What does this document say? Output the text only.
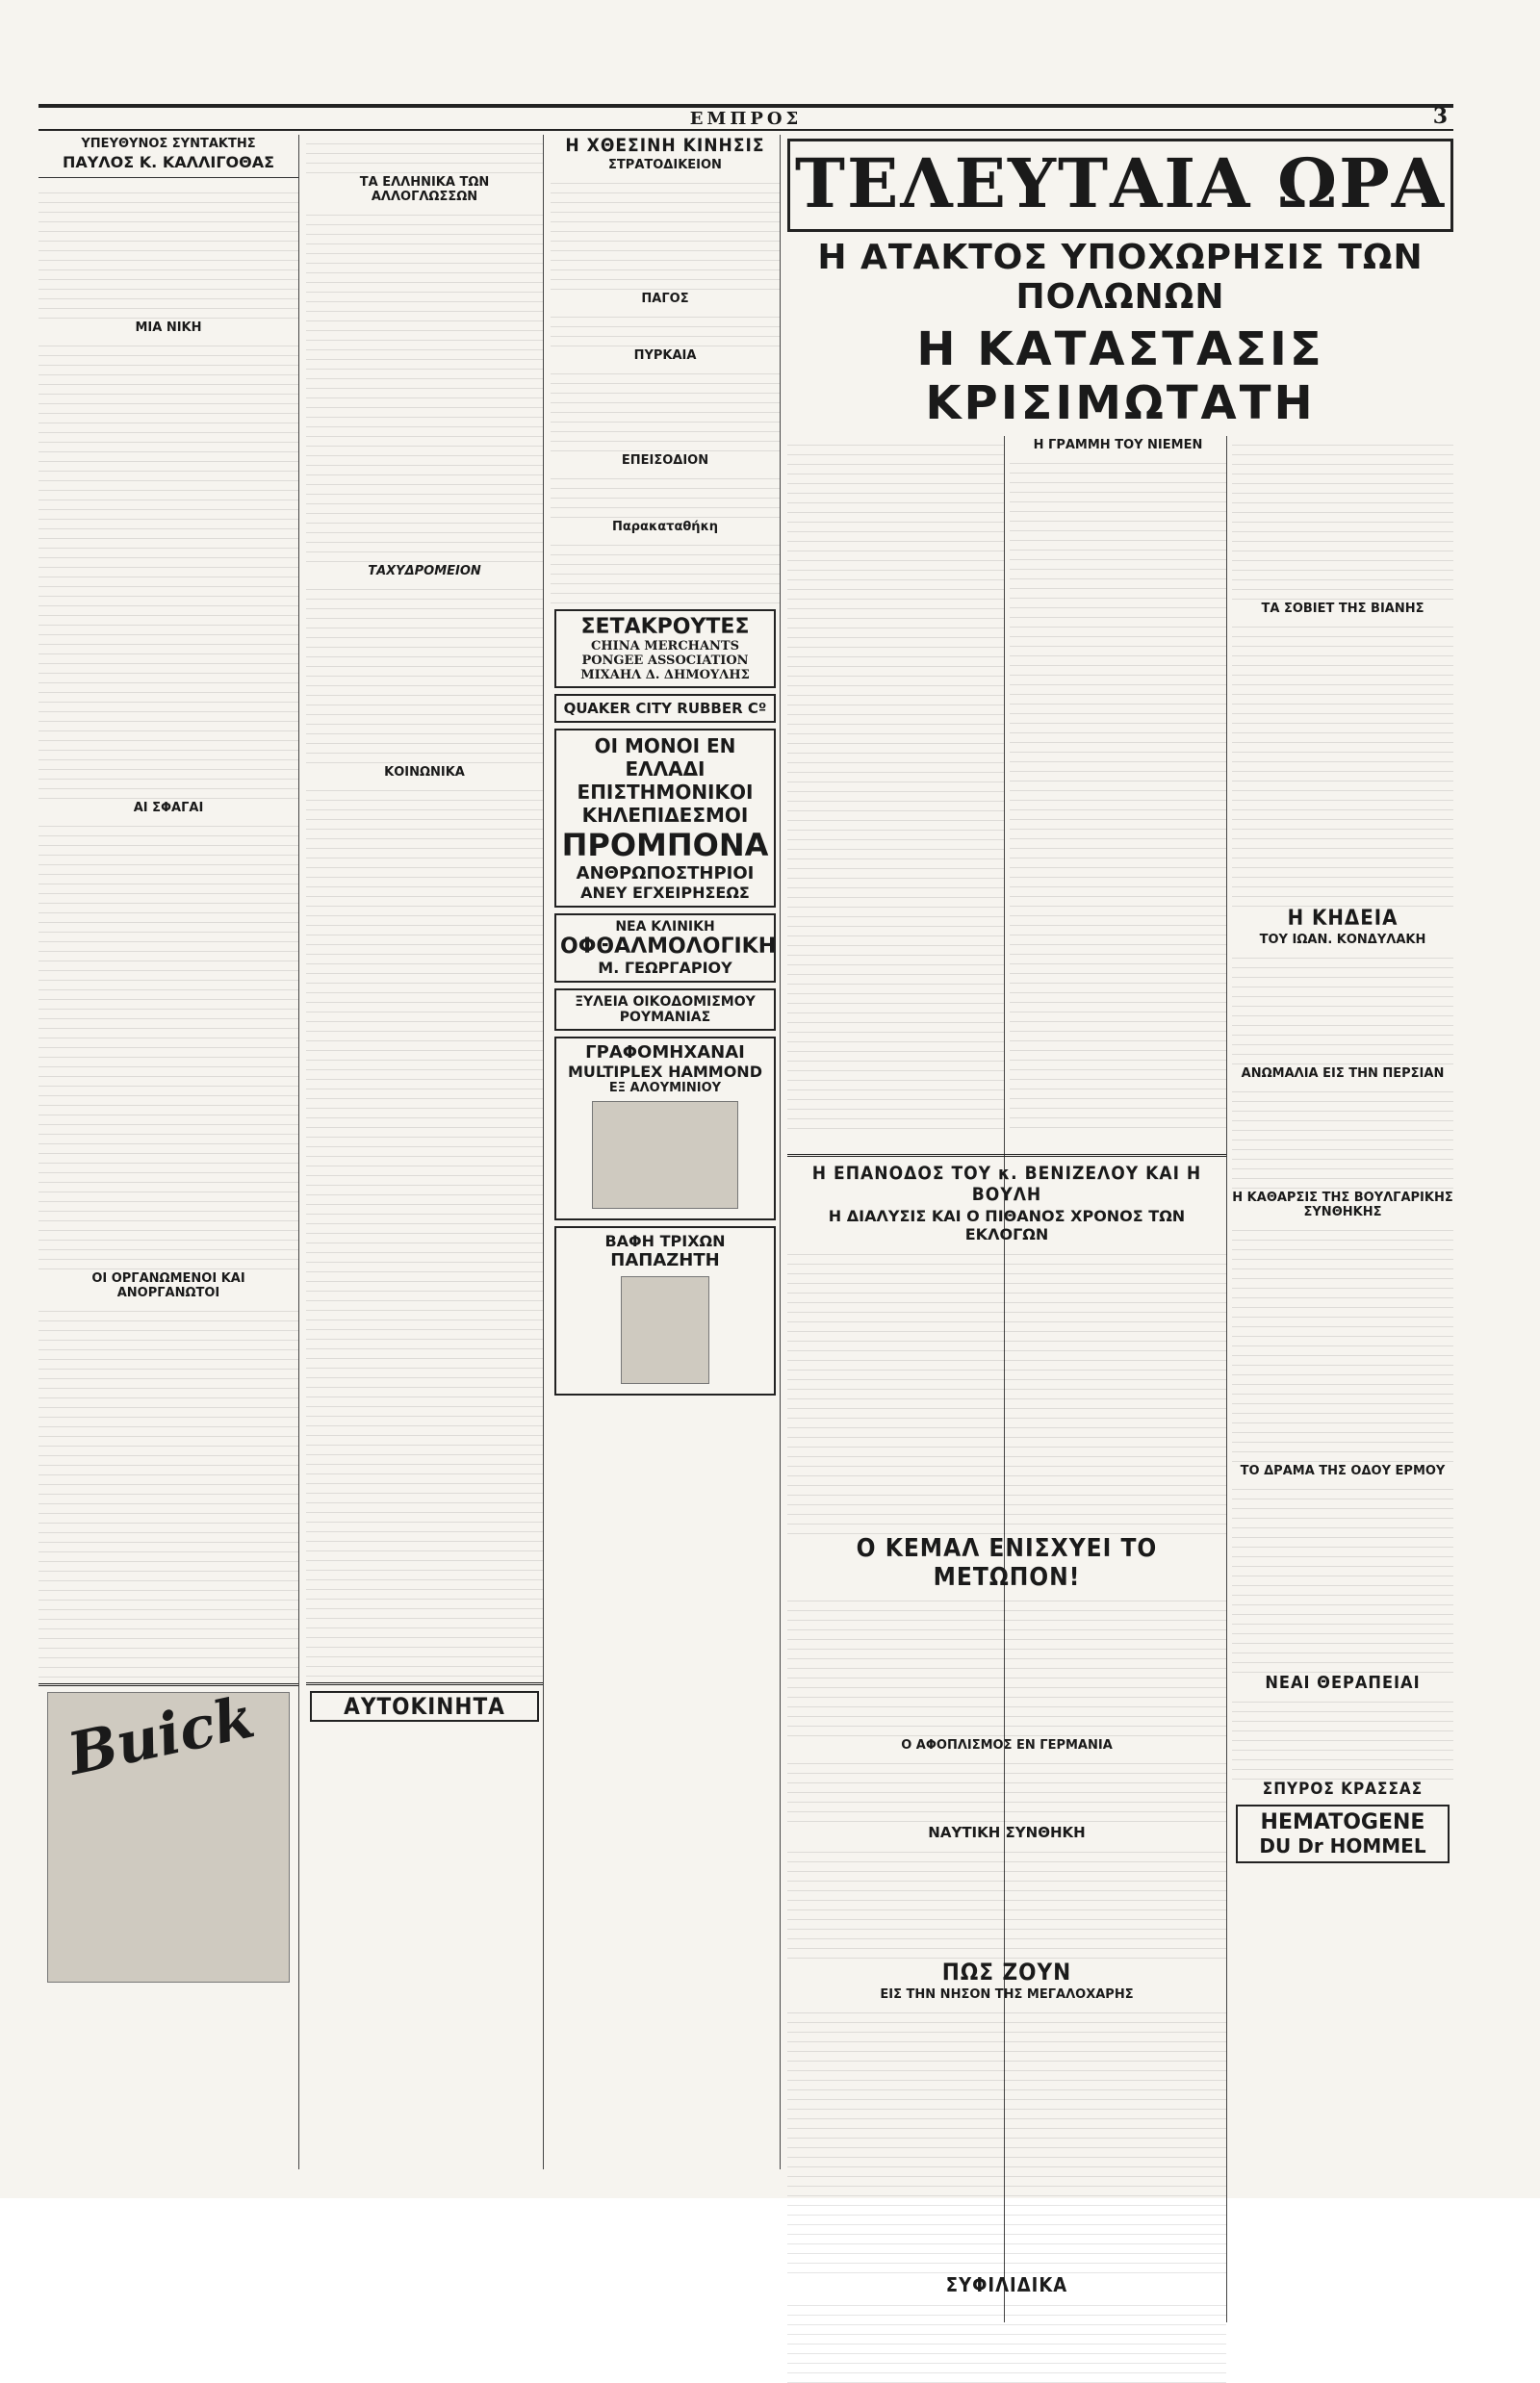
ΕΜΠΡΟΣ	3
ΥΠΕΥΘΥΝΟΣ ΣΥΝΤΑΚΤΗΣ
ΠΑΥΛΟΣ Κ. ΚΑΛΛΙΓΟΘΑΣ
ΜΙΑ ΝΙΚΗ
ΑΙ ΣΦΑΓΑΙ
ΟΙ ΟΡΓΑΝΩΜΕΝΟΙ ΚΑΙ ΑΝΟΡΓΑΝΩΤΟΙ
Buick
ΤΑ ΕΛΛΗΝΙΚΑ ΤΩΝ ΑΛΛΟΓΛΩΣΣΩΝ
ΤΑΧΥΔΡΟΜΕΙΟΝ
ΚΟΙΝΩΝΙΚΑ
ΑΥΤΟΚΙΝΗΤΑ
Η ΧΘΕΣΙΝΗ ΚΙΝΗΣΙΣ
ΣΤΡΑΤΟΔΙΚΕΙΟΝ
ΠΑΓΟΣ
ΠΥΡΚΑΙΑ
ΕΠΕΙΣΟΔΙΟΝ
Παρακαταθήκη
ΣΕΤΑΚΡΟΥΤΕΣ
CHINA MERCHANTS PONGEE ASSOCIATION
ΜΙΧΑΗΛ Δ. ΔΗΜΟΥΛΗΣ
QUAKER CITY RUBBER Cº
ΟΙ ΜΟΝΟΙ ΕΝ ΕΛΛΑΔΙ
ΕΠΙΣΤΗΜΟΝΙΚΟΙ
ΚΗΛΕΠΙΔΕΣΜΟΙ
ΠΡΟΜΠΟΝΑ
ΑΝΘΡΩΠΟΣΤΗΡΙΟΙ
ΑΝΕΥ ΕΓΧΕΙΡΗΣΕΩΣ
ΝΕΑ ΚΛΙΝΙΚΗ
ΟΦΘΑΛΜΟΛΟΓΙΚΗ
Μ. ΓΕΩΡΓΑΡΙΟΥ
ΞΥΛΕΙΑ ΟΙΚΟΔΟΜΙΣΜΟΥ ΡΟΥΜΑΝΙΑΣ
ΓΡΑΦΟΜΗΧΑΝΑΙ
MULTIPLEX HAMMOND
ΕΞ ΑΛΟΥΜΙΝΙΟΥ
ΒΑΦΗ ΤΡΙΧΩΝ
ΠΑΠΑΖΗΤΗ
ΤΕΛΕΥΤΑΙΑ ΩΡΑ
Η ΑΤΑΚΤΟΣ ΥΠΟΧΩΡΗΣΙΣ ΤΩΝ ΠΟΛΩΝΩΝ
Η ΚΑΤΑΣΤΑΣΙΣ ΚΡΙΣΙΜΩΤΑΤΗ
Η ΓΡΑΜΜΗ ΤΟΥ ΝΙΕΜΕΝ
ΤΑ ΣΟΒΙΕΤ ΤΗΣ ΒΙΑΝΗΣ
Η ΚΗΔΕΙΑ
ΤΟΥ ΙΩΑΝ. ΚΟΝΔΥΛΑΚΗ
ΑΝΩΜΑΛΙΑ ΕΙΣ ΤΗΝ ΠΕΡΣΙΑΝ
Η ΚΑΘΑΡΣΙΣ ΤΗΣ ΒΟΥΛΓΑΡΙΚΗΣ ΣΥΝΘΗΚΗΣ
ΤΟ ΔΡΑΜΑ ΤΗΣ ΟΔΟΥ ΕΡΜΟΥ
ΝΕΑΙ ΘΕΡΑΠΕΙΑΙ
ΣΠΥΡΟΣ ΚΡΑΣΣΑΣ
HEMATOGENE
DU Dr HOMMEL
Η ΕΠΑΝΟΔΟΣ ΤΟΥ κ. ΒΕΝΙΖΕΛΟΥ ΚΑΙ Η ΒΟΥΛΗ
Η ΔΙΑΛΥΣΙΣ ΚΑΙ Ο ΠΙΘΑΝΟΣ ΧΡΟΝΟΣ ΤΩΝ ΕΚΛΟΓΩΝ
Ο ΚΕΜΑΛ ΕΝΙΣΧΥΕΙ ΤΟ ΜΕΤΩΠΟΝ!
Ο ΑΦΟΠΛΙΣΜΟΣ ΕΝ ΓΕΡΜΑΝΙΑ
ΝΑΥΤΙΚΗ ΣΥΝΘΗΚΗ
ΠΩΣ ΖΟΥΝ
ΕΙΣ ΤΗΝ ΝΗΣΟΝ ΤΗΣ ΜΕΓΑΛΟΧΑΡΗΣ
ΣΥΦΙΛΙΔΙΚΑ
